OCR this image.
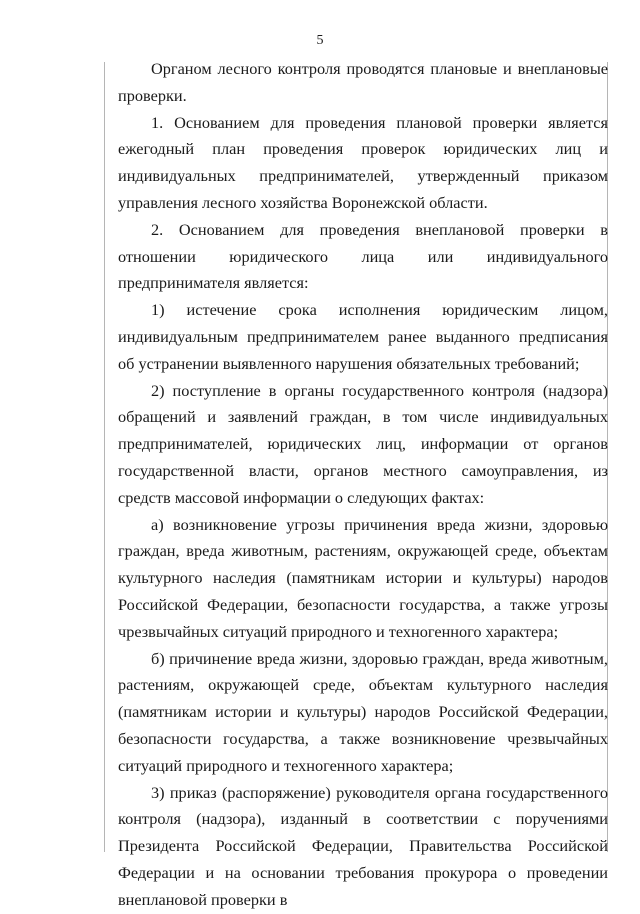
5

Органом лесного контроля проводятся плановые и внеплановые проверки.

1. Основанием для проведения плановой проверки является ежегодный план проведения проверок юридических лиц и индивидуальных предпринимателей, утвержденный приказом управления лесного хозяйства Воронежской области.

2. Основанием для проведения внеплановой проверки в отношении юридического лица или индивидуального предпринимателя является:

1) истечение срока исполнения юридическим лицом, индивидуальным предпринимателем ранее выданного предписания об устранении выявленного нарушения обязательных требований;

2) поступление в органы государственного контроля (надзора) обращений и заявлений граждан, в том числе индивидуальных предпринимателей, юридических лиц, информации от органов государственной власти, органов местного самоуправления, из средств массовой информации о следующих фактах:

а) возникновение угрозы причинения вреда жизни, здоровью граждан, вреда животным, растениям, окружающей среде, объектам культурного наследия (памятникам истории и культуры) народов Российской Федерации, безопасности государства, а также угрозы чрезвычайных ситуаций природного и техногенного характера;

б) причинение вреда жизни, здоровью граждан, вреда животным, растениям, окружающей среде, объектам культурного наследия (памятникам истории и культуры) народов Российской Федерации, безопасности государства, а также возникновение чрезвычайных ситуаций природного и техногенного характера;

3) приказ (распоряжение) руководителя органа государственного контроля (надзора), изданный в соответствии с поручениями Президента Российской Федерации, Правительства Российской Федерации и на основании требования прокурора о проведении внеплановой проверки в
